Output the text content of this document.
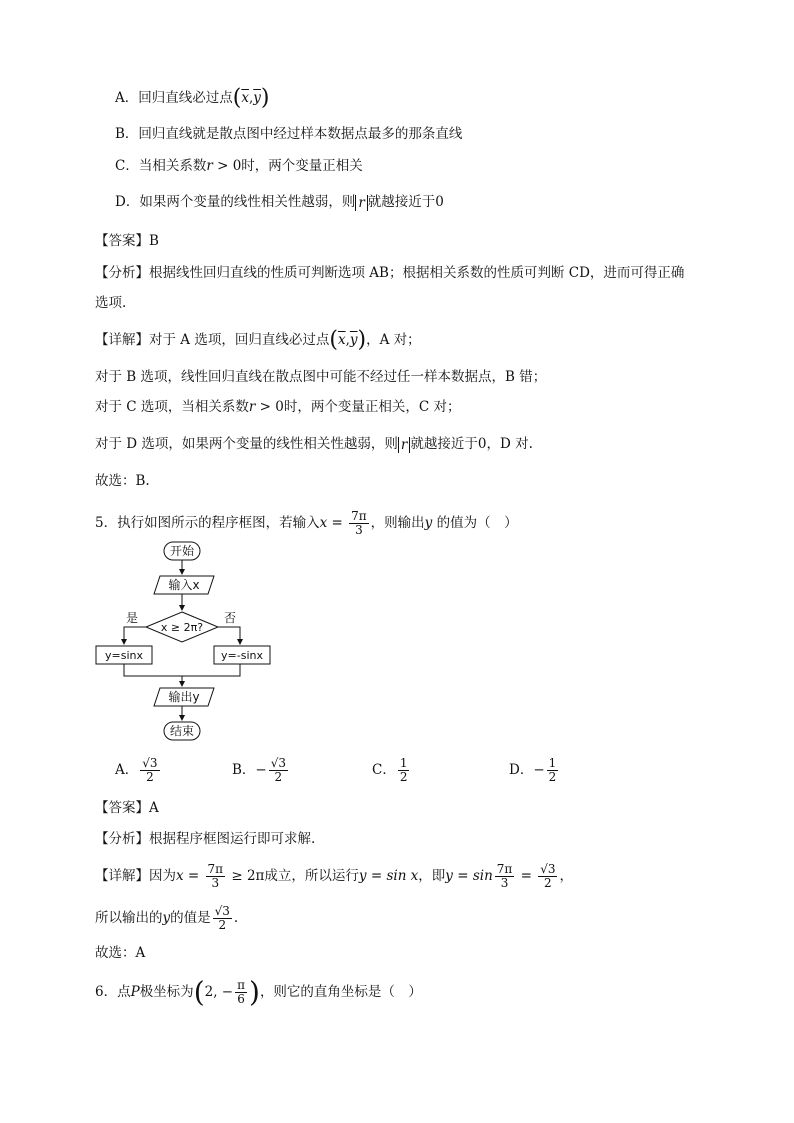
A．回归直线必过点$(\overline{x},\overline{y})$
B．回归直线就是散点图中经过样本数据点最多的那条直线
C．当相关系数r > 0时，两个变量正相关
D．如果两个变量的线性相关性越弱，则 r 就越接近于0
【答案】B
【分析】根据线性回归直线的性质可判断选项 AB；根据相关系数的性质可判断 CD，进而可得正确
选项.
【详解】对于 A 选项，回归直线必过点$(\overline{x},\overline{y})$，A 对；
对于 B 选项，线性回归直线在散点图中可能不经过任一样本数据点，B 错；
对于 C 选项，当相关系数r > 0时，两个变量正相关，C 对；
对于 D 选项，如果两个变量的线性相关性越弱，则 r 就越接近于0，D 对.
故选：B.
5．执行如图所示的程序框图，若输入$x = \frac{7\pi}{3}$ ，则输出y 的值为（　）
开始
输入x
x ≥ 2π?
是	否
y=sinx	y=-sinx
输出y
结束
A． $\frac{√3}{2}$	B．− $\frac{√3}{2}$	C． $\frac{1}{2}$	D．− $\frac{1}{2}$
【答案】A
【分析】根据程序框图运行即可求解.
【详解】因为$x = \frac{7\pi}{3} \ge 2\pi$成立，所以运行y = sin x，即$y = \sin \frac{7\pi}{3} = \frac{√3}{2}$ ，
所以输出的y的值是 $\frac{√3}{2}$ .
故选：A
6．点P极坐标为(2, − $\frac{\pi}{6}$ )，则它的直角坐标是（　）
